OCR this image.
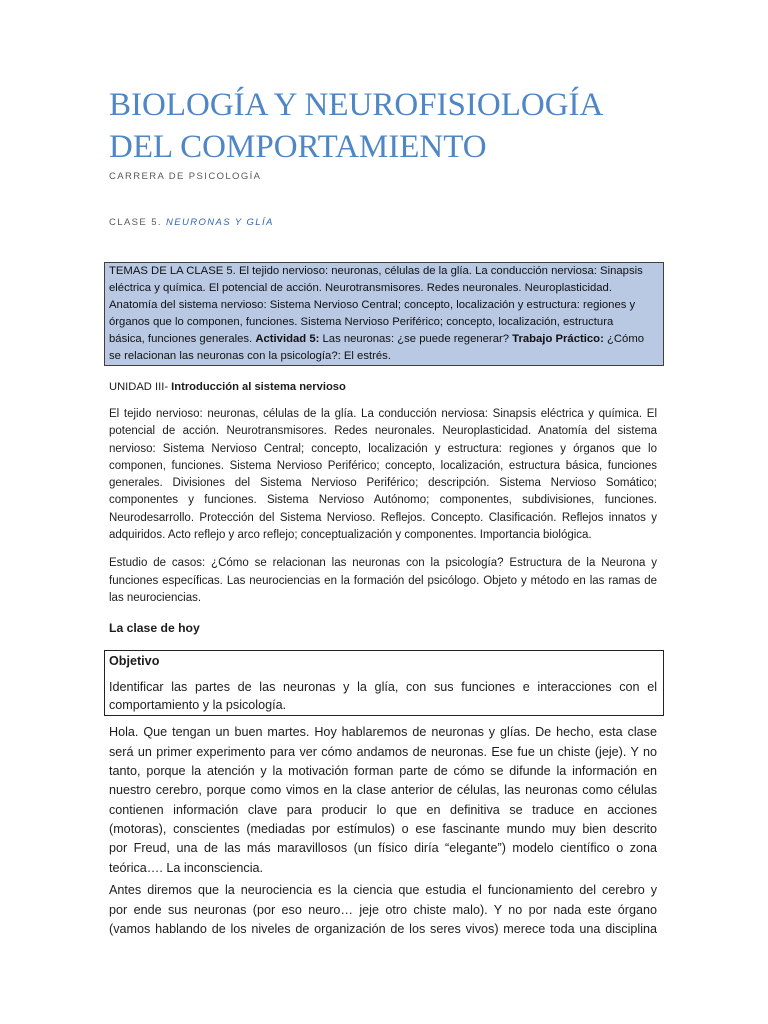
BIOLOGÍA Y NEUROFISIOLOGÍA
DEL COMPORTAMIENTO
CARRERA DE PSICOLOGÍA
CLASE 5. NEURONAS Y GLÍA
TEMAS DE LA CLASE 5. El tejido nervioso: neuronas, células de la glía. La conducción nerviosa: Sinapsis
eléctrica y química. El potencial de acción. Neurotransmisores. Redes neuronales. Neuroplasticidad.
Anatomía del sistema nervioso: Sistema Nervioso Central; concepto, localización y estructura: regiones y
órganos que lo componen, funciones. Sistema Nervioso Periférico; concepto, localización, estructura
básica, funciones generales. Actividad 5: Las neuronas: ¿se puede regenerar? Trabajo Práctico: ¿Cómo
se relacionan las neuronas con la psicología?: El estrés.
UNIDAD III- Introducción al sistema nervioso
El tejido nervioso: neuronas, células de la glía. La conducción nerviosa: Sinapsis eléctrica y química. El
potencial de acción. Neurotransmisores. Redes neuronales. Neuroplasticidad. Anatomía del sistema
nervioso: Sistema Nervioso Central; concepto, localización y estructura: regiones y órganos que lo
componen, funciones. Sistema Nervioso Periférico; concepto, localización, estructura básica, funciones
generales. Divisiones del Sistema Nervioso Periférico; descripción. Sistema Nervioso Somático;
componentes y funciones. Sistema Nervioso Autónomo; componentes, subdivisiones, funciones.
Neurodesarrollo. Protección del Sistema Nervioso. Reflejos. Concepto. Clasificación. Reflejos innatos y
adquiridos. Acto reflejo y arco reflejo; conceptualización y componentes. Importancia biológica.
Estudio de casos: ¿Cómo se relacionan las neuronas con la psicología? Estructura de la Neurona y
funciones específicas. Las neurociencias en la formación del psicólogo. Objeto y método en las ramas de
las neurociencias.
La clase de hoy
Objetivo
Identificar las partes de las neuronas y la glía, con sus funciones e interacciones con el
comportamiento y la psicología.
Hola. Que tengan un buen martes. Hoy hablaremos de neuronas y glías. De hecho, esta clase
será un primer experimento para ver cómo andamos de neuronas. Ese fue un chiste (jeje). Y no
tanto, porque la atención y la motivación forman parte de cómo se difunde la información en
nuestro cerebro, porque como vimos en la clase anterior de células, las neuronas como células
contienen información clave para producir lo que en definitiva se traduce en acciones
(motoras), conscientes (mediadas por estímulos) o ese fascinante mundo muy bien descrito
por Freud, una de las más maravillosos (un físico diría “elegante”) modelo científico o zona
teórica…. La inconsciencia.
Antes diremos que la neurociencia es la ciencia que estudia el funcionamiento del cerebro y
por ende sus neuronas (por eso neuro… jeje otro chiste malo). Y no por nada este órgano
(vamos hablando de los niveles de organización de los seres vivos) merece toda una disciplina
